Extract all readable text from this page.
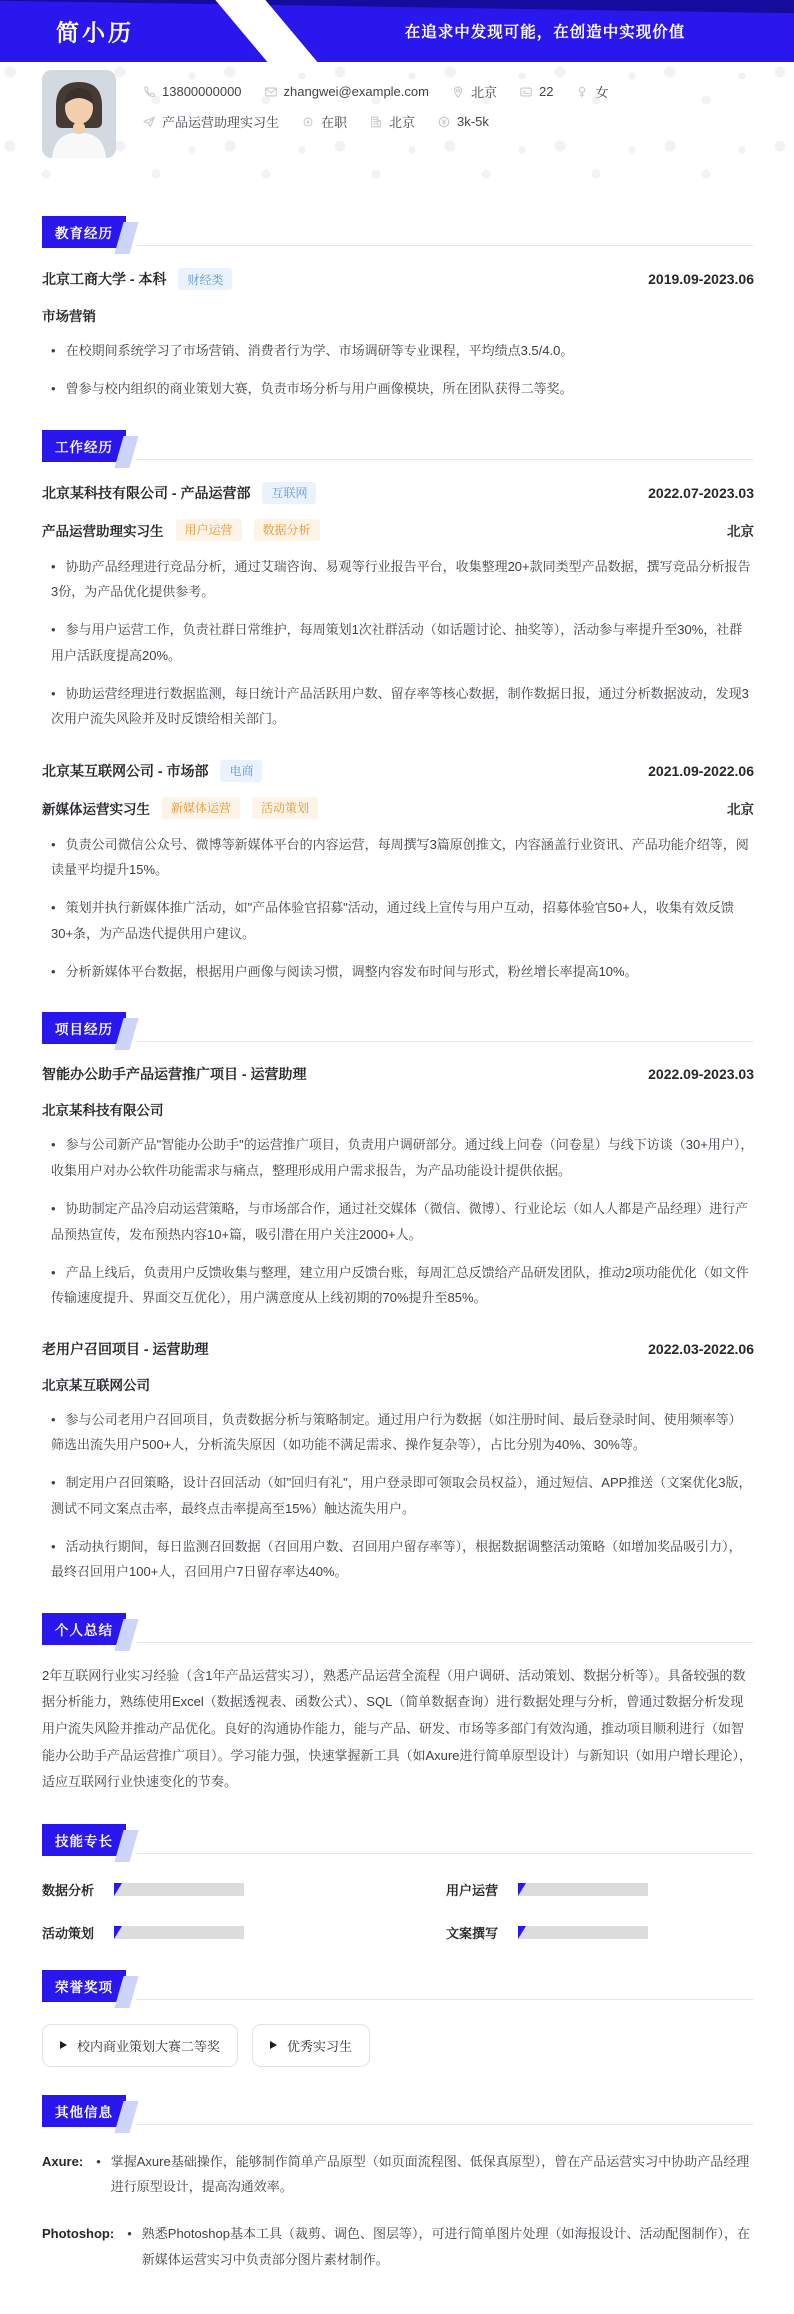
简小历	在追求中发现可能，在创造中实现价值
13800000000	zhangwei@example.com	北京	22	女
产品运营助理实习生	在职	北京	3k-5k
教育经历
北京工商大学 - 本科	财经类	2019.09-2023.06
市场营销

• 在校期间系统学习了市场营销、消费者行为学、市场调研等专业课程，平均绩点3.5/4.0。

• 曾参与校内组织的商业策划大赛，负责市场分析与用户画像模块，所在团队获得二等奖。

工作经历
北京某科技有限公司 - 产品运营部	互联网	2022.07-2023.03
产品运营助理实习生	用户运营	数据分析	北京

• 协助产品经理进行竞品分析，通过艾瑞咨询、易观等行业报告平台，收集整理20+款同类型产品数据，撰写竞品分析报告3份，为产品优化提供参考。

• 参与用户运营工作，负责社群日常维护，每周策划1次社群活动（如话题讨论、抽奖等），活动参与率提升至30%，社群用户活跃度提高20%。

• 协助运营经理进行数据监测，每日统计产品活跃用户数、留存率等核心数据，制作数据日报，通过分析数据波动，发现3次用户流失风险并及时反馈给相关部门。

北京某互联网公司 - 市场部	电商	2021.09-2022.06
新媒体运营实习生	新媒体运营	活动策划	北京

• 负责公司微信公众号、微博等新媒体平台的内容运营，每周撰写3篇原创推文，内容涵盖行业资讯、产品功能介绍等，阅读量平均提升15%。

• 策划并执行新媒体推广活动，如"产品体验官招募"活动，通过线上宣传与用户互动，招募体验官50+人，收集有效反馈30+条，为产品迭代提供用户建议。

• 分析新媒体平台数据，根据用户画像与阅读习惯，调整内容发布时间与形式，粉丝增长率提高10%。

项目经历
智能办公助手产品运营推广项目 - 运营助理	2022.09-2023.03
北京某科技有限公司

• 参与公司新产品"智能办公助手"的运营推广项目，负责用户调研部分。通过线上问卷（问卷星）与线下访谈（30+用户），收集用户对办公软件功能需求与痛点，整理形成用户需求报告，为产品功能设计提供依据。

• 协助制定产品冷启动运营策略，与市场部合作，通过社交媒体（微信、微博）、行业论坛（如人人都是产品经理）进行产品预热宣传，发布预热内容10+篇，吸引潜在用户关注2000+人。

• 产品上线后，负责用户反馈收集与整理，建立用户反馈台账，每周汇总反馈给产品研发团队，推动2项功能优化（如文件传输速度提升、界面交互优化），用户满意度从上线初期的70%提升至85%。

老用户召回项目 - 运营助理	2022.03-2022.06
北京某互联网公司

• 参与公司老用户召回项目，负责数据分析与策略制定。通过用户行为数据（如注册时间、最后登录时间、使用频率等）筛选出流失用户500+人，分析流失原因（如功能不满足需求、操作复杂等），占比分别为40%、30%等。

• 制定用户召回策略，设计召回活动（如"回归有礼"，用户登录即可领取会员权益），通过短信、APP推送（文案优化3版，测试不同文案点击率，最终点击率提高至15%）触达流失用户。

• 活动执行期间，每日监测召回数据（召回用户数、召回用户留存率等），根据数据调整活动策略（如增加奖品吸引力），最终召回用户100+人，召回用户7日留存率达40%。

个人总结

2年互联网行业实习经验（含1年产品运营实习），熟悉产品运营全流程（用户调研、活动策划、数据分析等）。具备较强的数据分析能力，熟练使用Excel（数据透视表、函数公式）、SQL（简单数据查询）进行数据处理与分析，曾通过数据分析发现用户流失风险并推动产品优化。良好的沟通协作能力，能与产品、研发、市场等多部门有效沟通，推动项目顺利进行（如智能办公助手产品运营推广项目）。学习能力强，快速掌握新工具（如Axure进行简单原型设计）与新知识（如用户增长理论），适应互联网行业快速变化的节奏。

技能专长
数据分析	用户运营
活动策划	文案撰写
荣誉奖项
校内商业策划大赛二等奖	优秀实习生
其他信息
Axure: • 掌握Axure基础操作，能够制作简单产品原型（如页面流程图、低保真原型），曾在产品运营实习中协助产品经理进行原型设计，提高沟通效率。
Photoshop: • 熟悉Photoshop基本工具（裁剪、调色、图层等），可进行简单图片处理（如海报设计、活动配图制作），在新媒体运营实习中负责部分图片素材制作。
